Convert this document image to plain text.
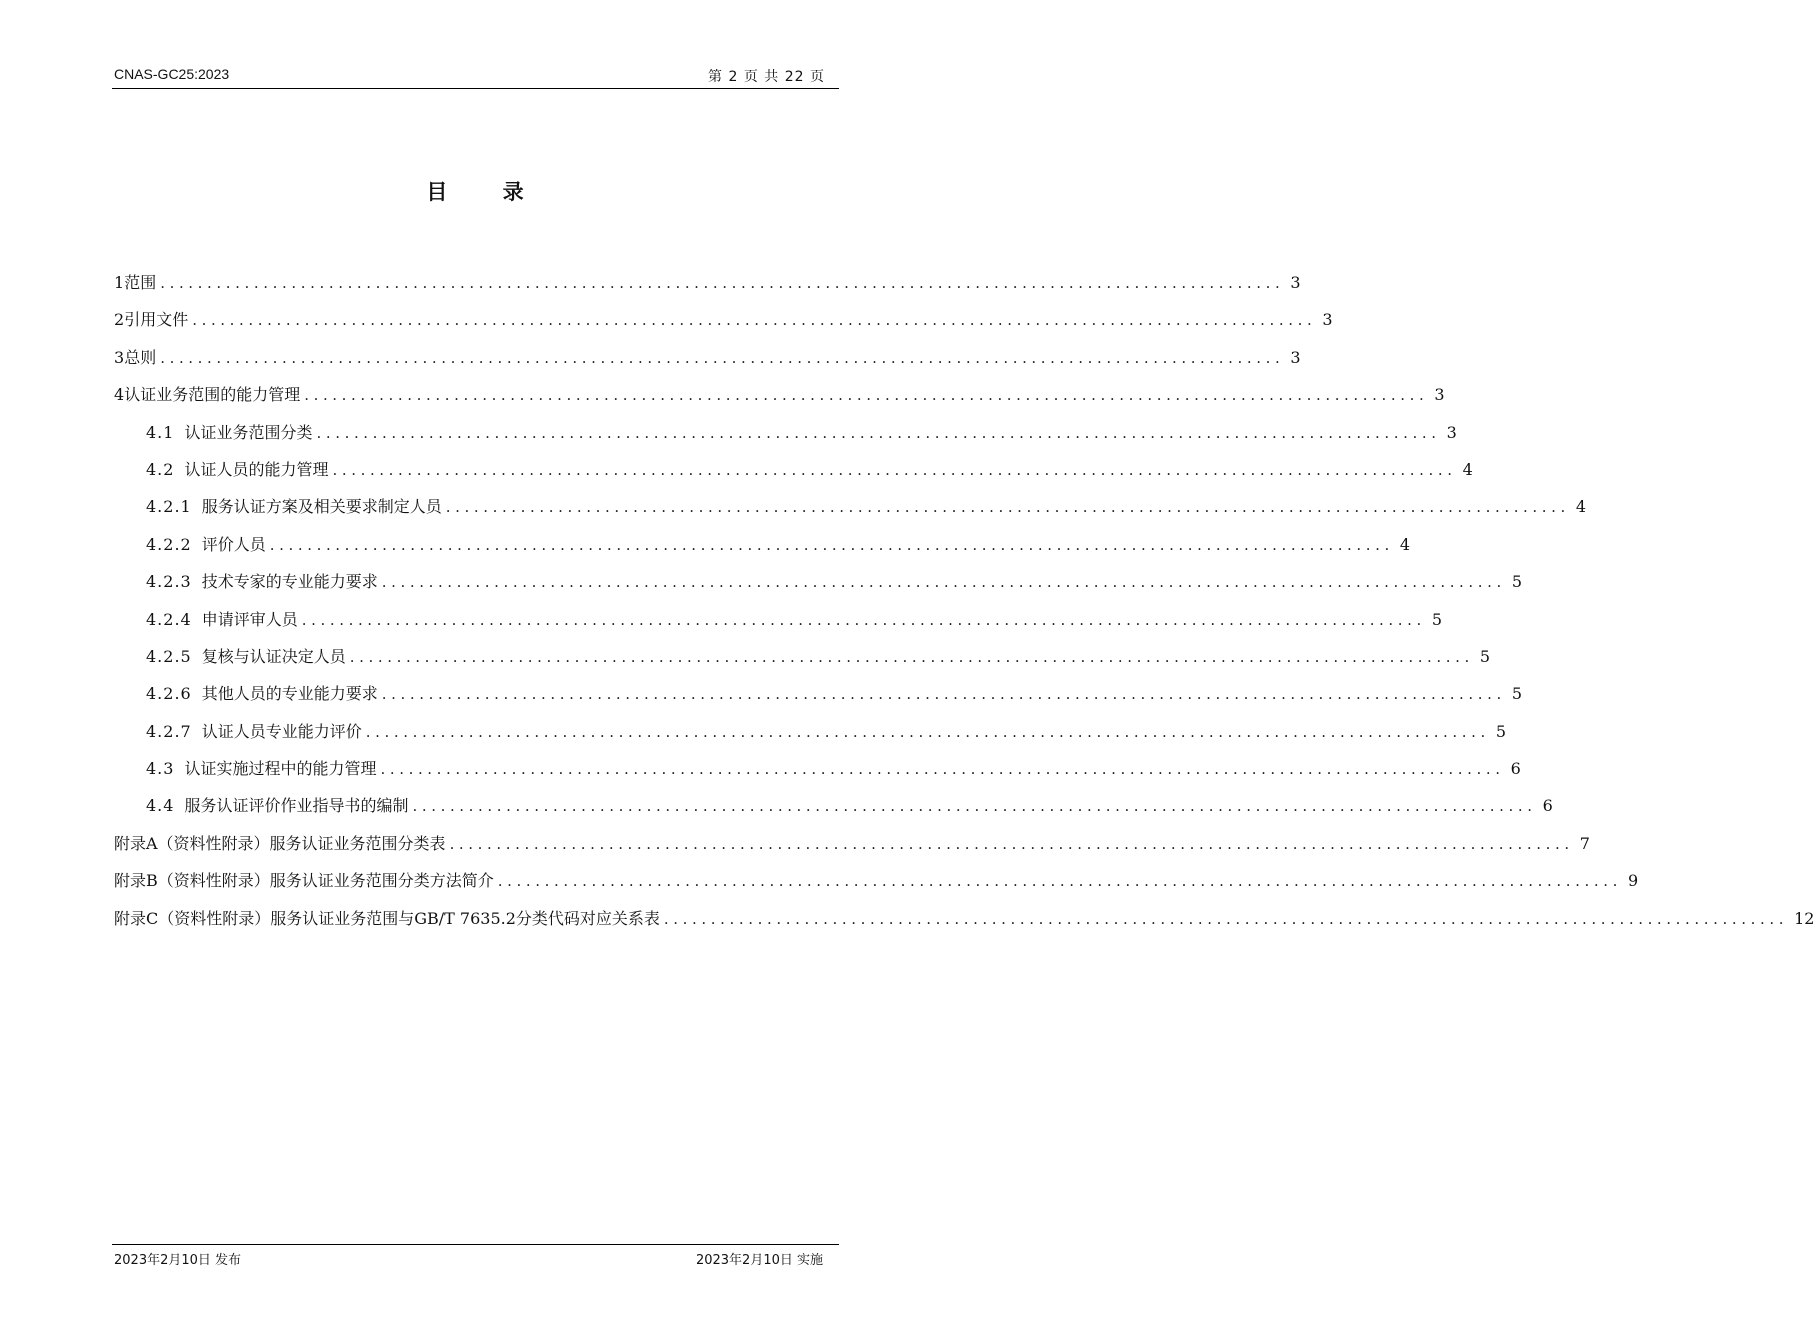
CNAS-GC25:2023	第 2 页 共 22 页
目 录
1 范围 ........................................................................................................................ 3
2 引用文件 ........................................................................................................................ 3
3 总则 ........................................................................................................................ 3
4 认证业务范围的能力管理 ........................................................................................................................ 3
4.1 认证业务范围分类 ........................................................................................................................ 3
4.2 认证人员的能力管理 ........................................................................................................................ 4
4.2.1 服务认证方案及相关要求制定人员 ........................................................................................................................ 4
4.2.2 评价人员 ........................................................................................................................ 4
4.2.3 技术专家的专业能力要求 ........................................................................................................................ 5
4.2.4 申请评审人员 ........................................................................................................................ 5
4.2.5 复核与认证决定人员 ........................................................................................................................ 5
4.2.6 其他人员的专业能力要求 ........................................................................................................................ 5
4.2.7 认证人员专业能力评价 ........................................................................................................................ 5
4.3 认证实施过程中的能力管理 ........................................................................................................................ 6
4.4 服务认证评价作业指导书的编制 ........................................................................................................................ 6
附录A（资料性附录）服务认证业务范围分类表 ........................................................................................................................ 7
附录B（资料性附录）服务认证业务范围分类方法简介 ........................................................................................................................ 9
附录C（资料性附录）服务认证业务范围与GB/T 7635.2分类代码对应关系表 ........................................................................................................................ 12
2023年2月10日 发布	2023年2月10日 实施
